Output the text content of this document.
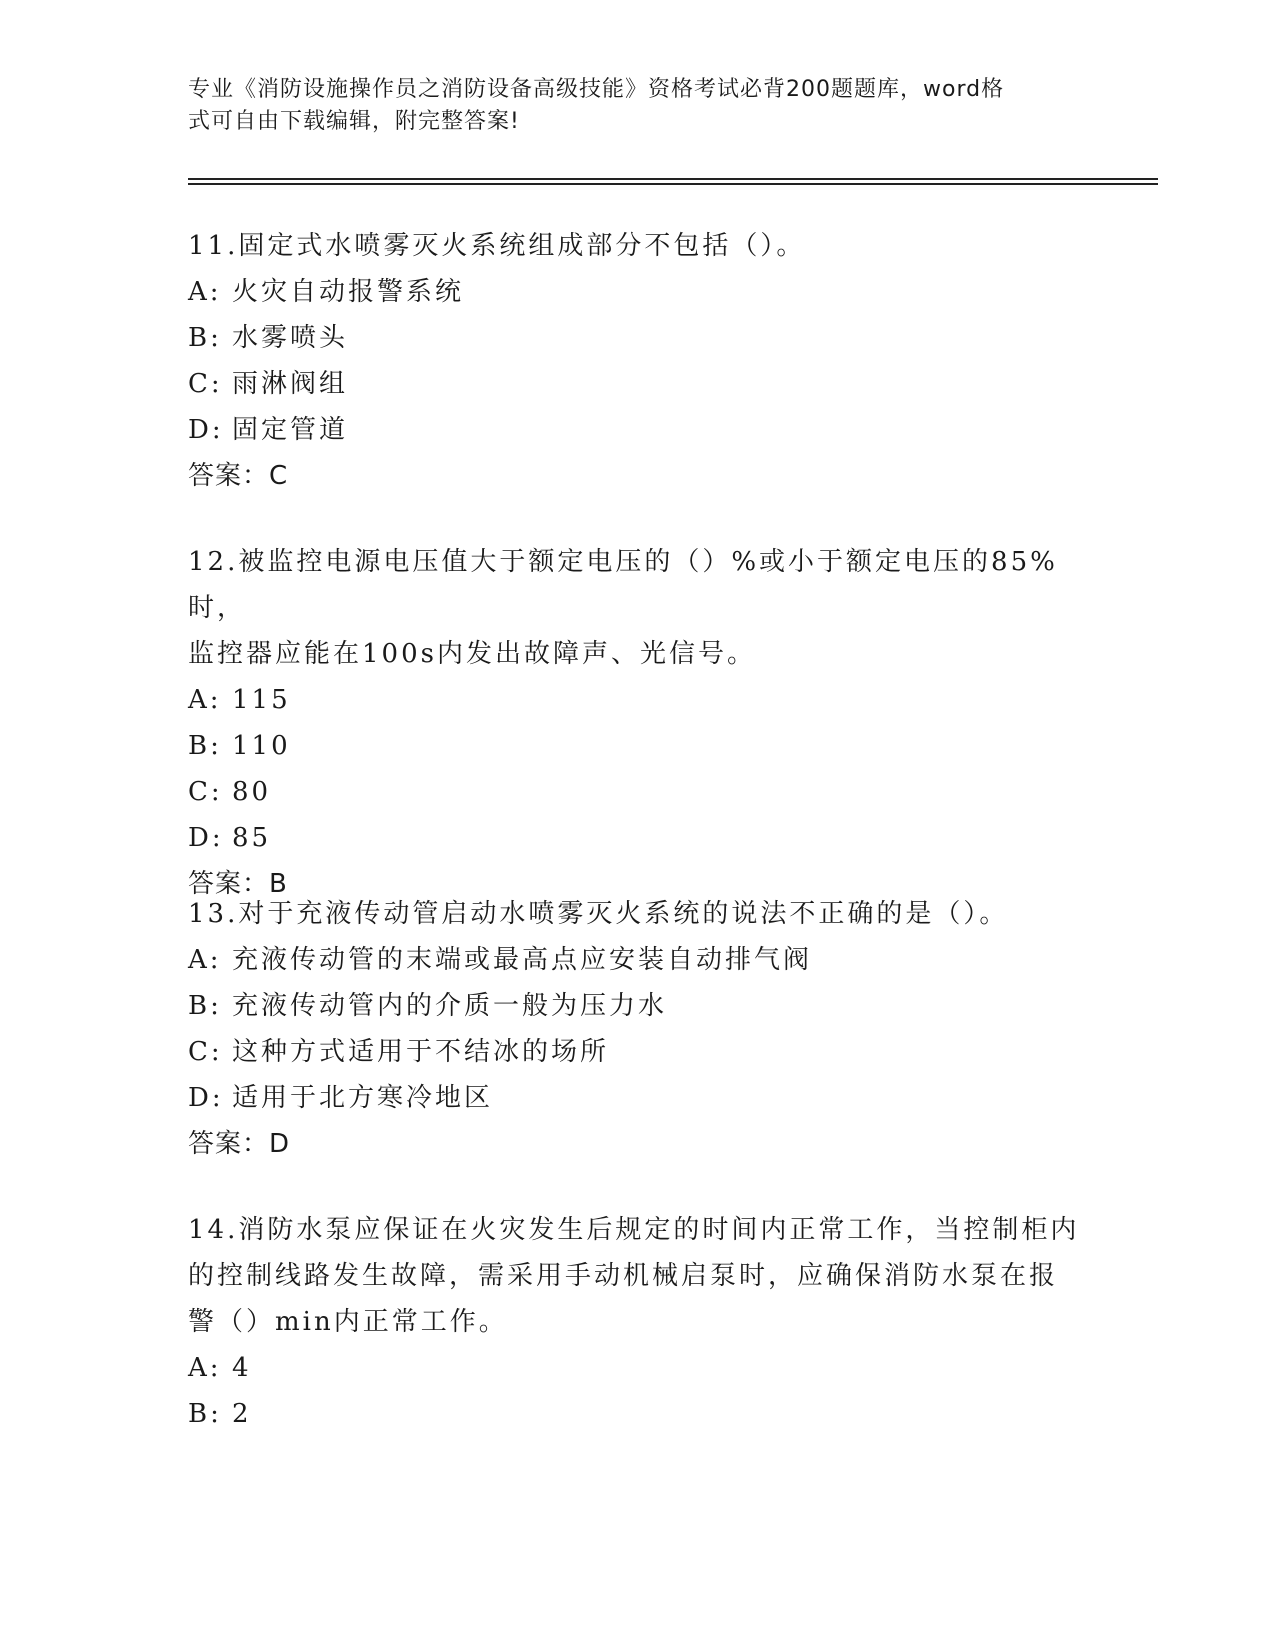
专业《消防设施操作员之消防设备高级技能》资格考试必背200题题库，word格
式可自由下载编辑，附完整答案!

11.固定式水喷雾灭火系统组成部分不包括（）。

A: 火灾自动报警系统

B: 水雾喷头

C: 雨淋阀组

D: 固定管道

答案：C

12.被监控电源电压值大于额定电压的（）%或小于额定电压的85%时，

监控器应能在100s内发出故障声、光信号。

A: 115

B: 110

C: 80

D: 85

答案：B

13.对于充液传动管启动水喷雾灭火系统的说法不正确的是（）。

A: 充液传动管的末端或最高点应安装自动排气阀

B: 充液传动管内的介质一般为压力水

C: 这种方式适用于不结冰的场所

D: 适用于北方寒冷地区

答案：D

14.消防水泵应保证在火灾发生后规定的时间内正常工作，当控制柜内

的控制线路发生故障，需采用手动机械启泵时，应确保消防水泵在报

警（）min内正常工作。

A: 4

B: 2
